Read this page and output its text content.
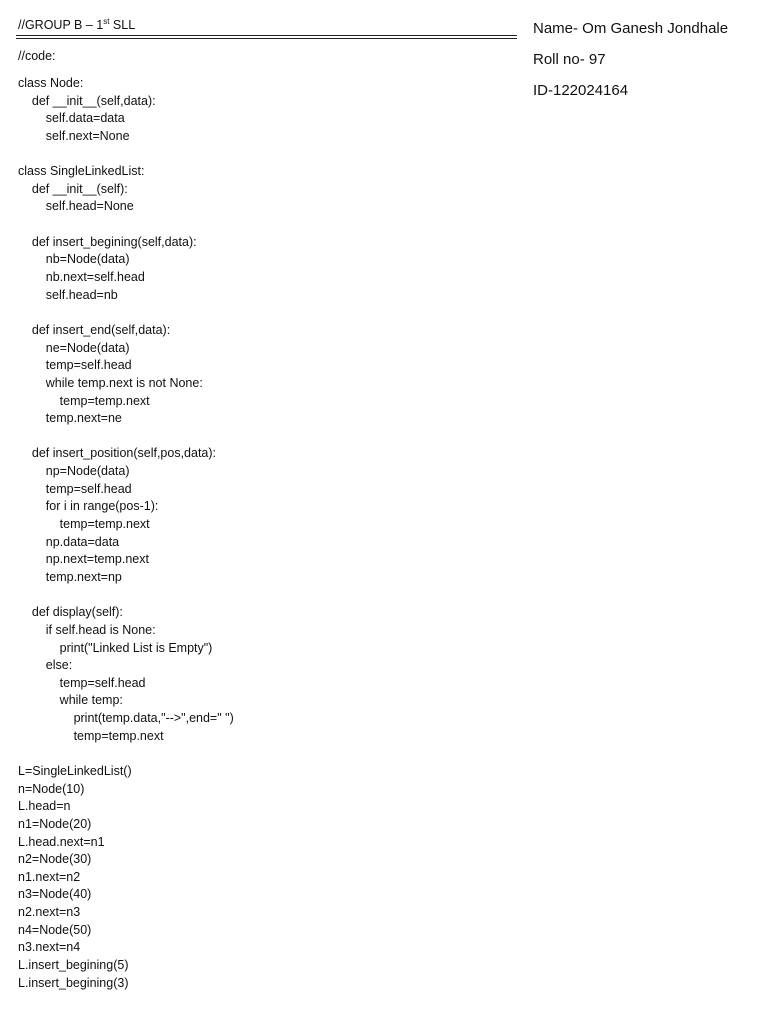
//GROUP B – 1st SLL
//code:
class Node:
def __init__(self,data):
self.data=data
self.next=None
class SingleLinkedList:
def __init__(self):
self.head=None
def insert_begining(self,data):
nb=Node(data)
nb.next=self.head
self.head=nb
def insert_end(self,data):
ne=Node(data)
temp=self.head
while temp.next is not None:
temp=temp.next
temp.next=ne
def insert_position(self,pos,data):
np=Node(data)
temp=self.head
for i in range(pos-1):
temp=temp.next
np.data=data
np.next=temp.next
temp.next=np
def display(self):
if self.head is None:
print("Linked List is Empty")
else:
temp=self.head
while temp:
print(temp.data,"-->",end=" ")
temp=temp.next
L=SingleLinkedList()
n=Node(10)
L.head=n
n1=Node(20)
L.head.next=n1
n2=Node(30)
n1.next=n2
n3=Node(40)
n2.next=n3
n4=Node(50)
n3.next=n4
L.insert_begining(5)
L.insert_begining(3)
Name- Om Ganesh Jondhale
Roll no- 97
ID-122024164
